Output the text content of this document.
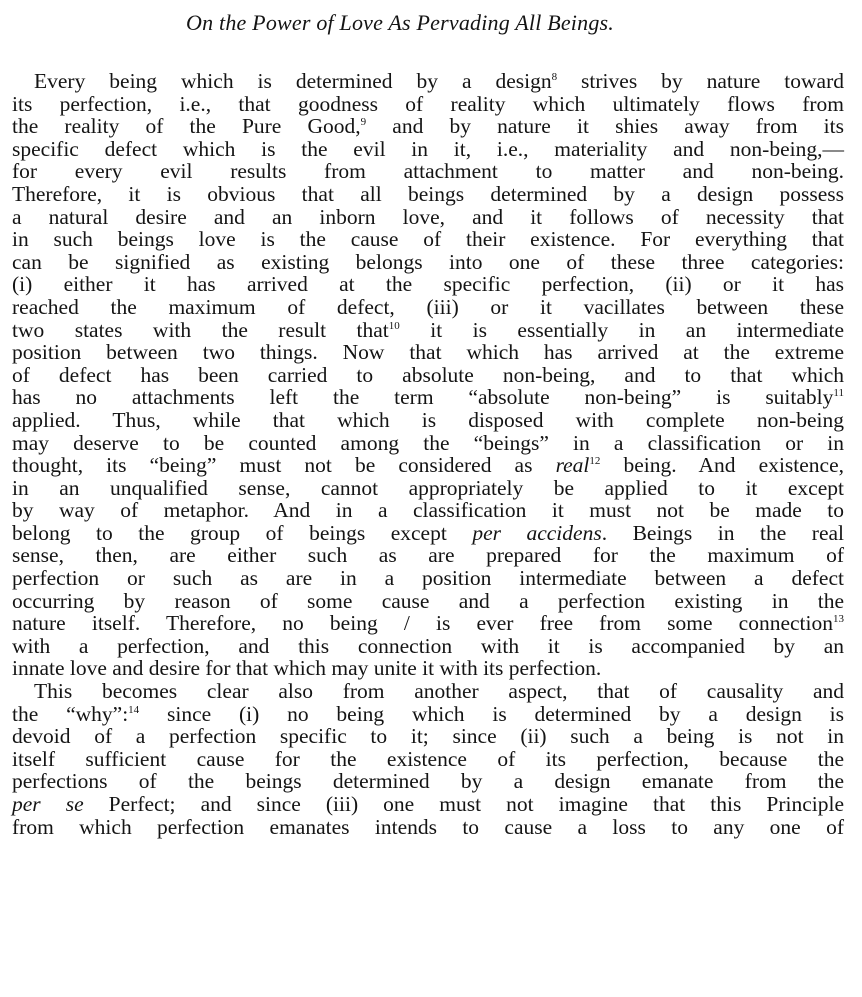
On the Power of Love As Pervading All Beings.
Every being which is determined by a design$^8$ strives by nature toward
its perfection, i.e., that goodness of reality which ultimately flows from
the reality of the Pure Good,$^9$ and by nature it shies away from its
specific defect which is the evil in it, i.e., materiality and non-being,—
for every evil results from attachment to matter and non-being.
Therefore, it is obvious that all beings determined by a design possess
a natural desire and an inborn love, and it follows of necessity that
in such beings love is the cause of their existence. For everything that
can be signified as existing belongs into one of these three categories:
(i) either it has arrived at the specific perfection, (ii) or it has
reached the maximum of defect, (iii) or it vacillates between these
two states with the result that$^{10}$ it is essentially in an intermediate
position between two things. Now that which has arrived at the extreme
of defect has been carried to absolute non-being, and to that which
has no attachments left the term “absolute non-being” is suitably$^{11}$
applied. Thus, while that which is disposed with complete non-being
may deserve to be counted among the “beings” in a classification or in
thought, its “being” must not be considered as real$^{12}$ being. And existence,
in an unqualified sense, cannot appropriately be applied to it except
by way of metaphor. And in a classification it must not be made to
belong to the group of beings except per accidens. Beings in the real
sense, then, are either such as are prepared for the maximum of
perfection or such as are in a position intermediate between a defect
occurring by reason of some cause and a perfection existing in the
nature itself. Therefore, no being / is ever free from some connection$^{13}$
with a perfection, and this connection with it is accompanied by an
innate love and desire for that which may unite it with its perfection.
This becomes clear also from another aspect, that of causality and
the “why”:$^{14}$ since (i) no being which is determined by a design is
devoid of a perfection specific to it; since (ii) such a being is not in
itself sufficient cause for the existence of its perfection, because the
perfections of the beings determined by a design emanate from the
per se Perfect; and since (iii) one must not imagine that this Principle
from which perfection emanates intends to cause a loss to any one of
